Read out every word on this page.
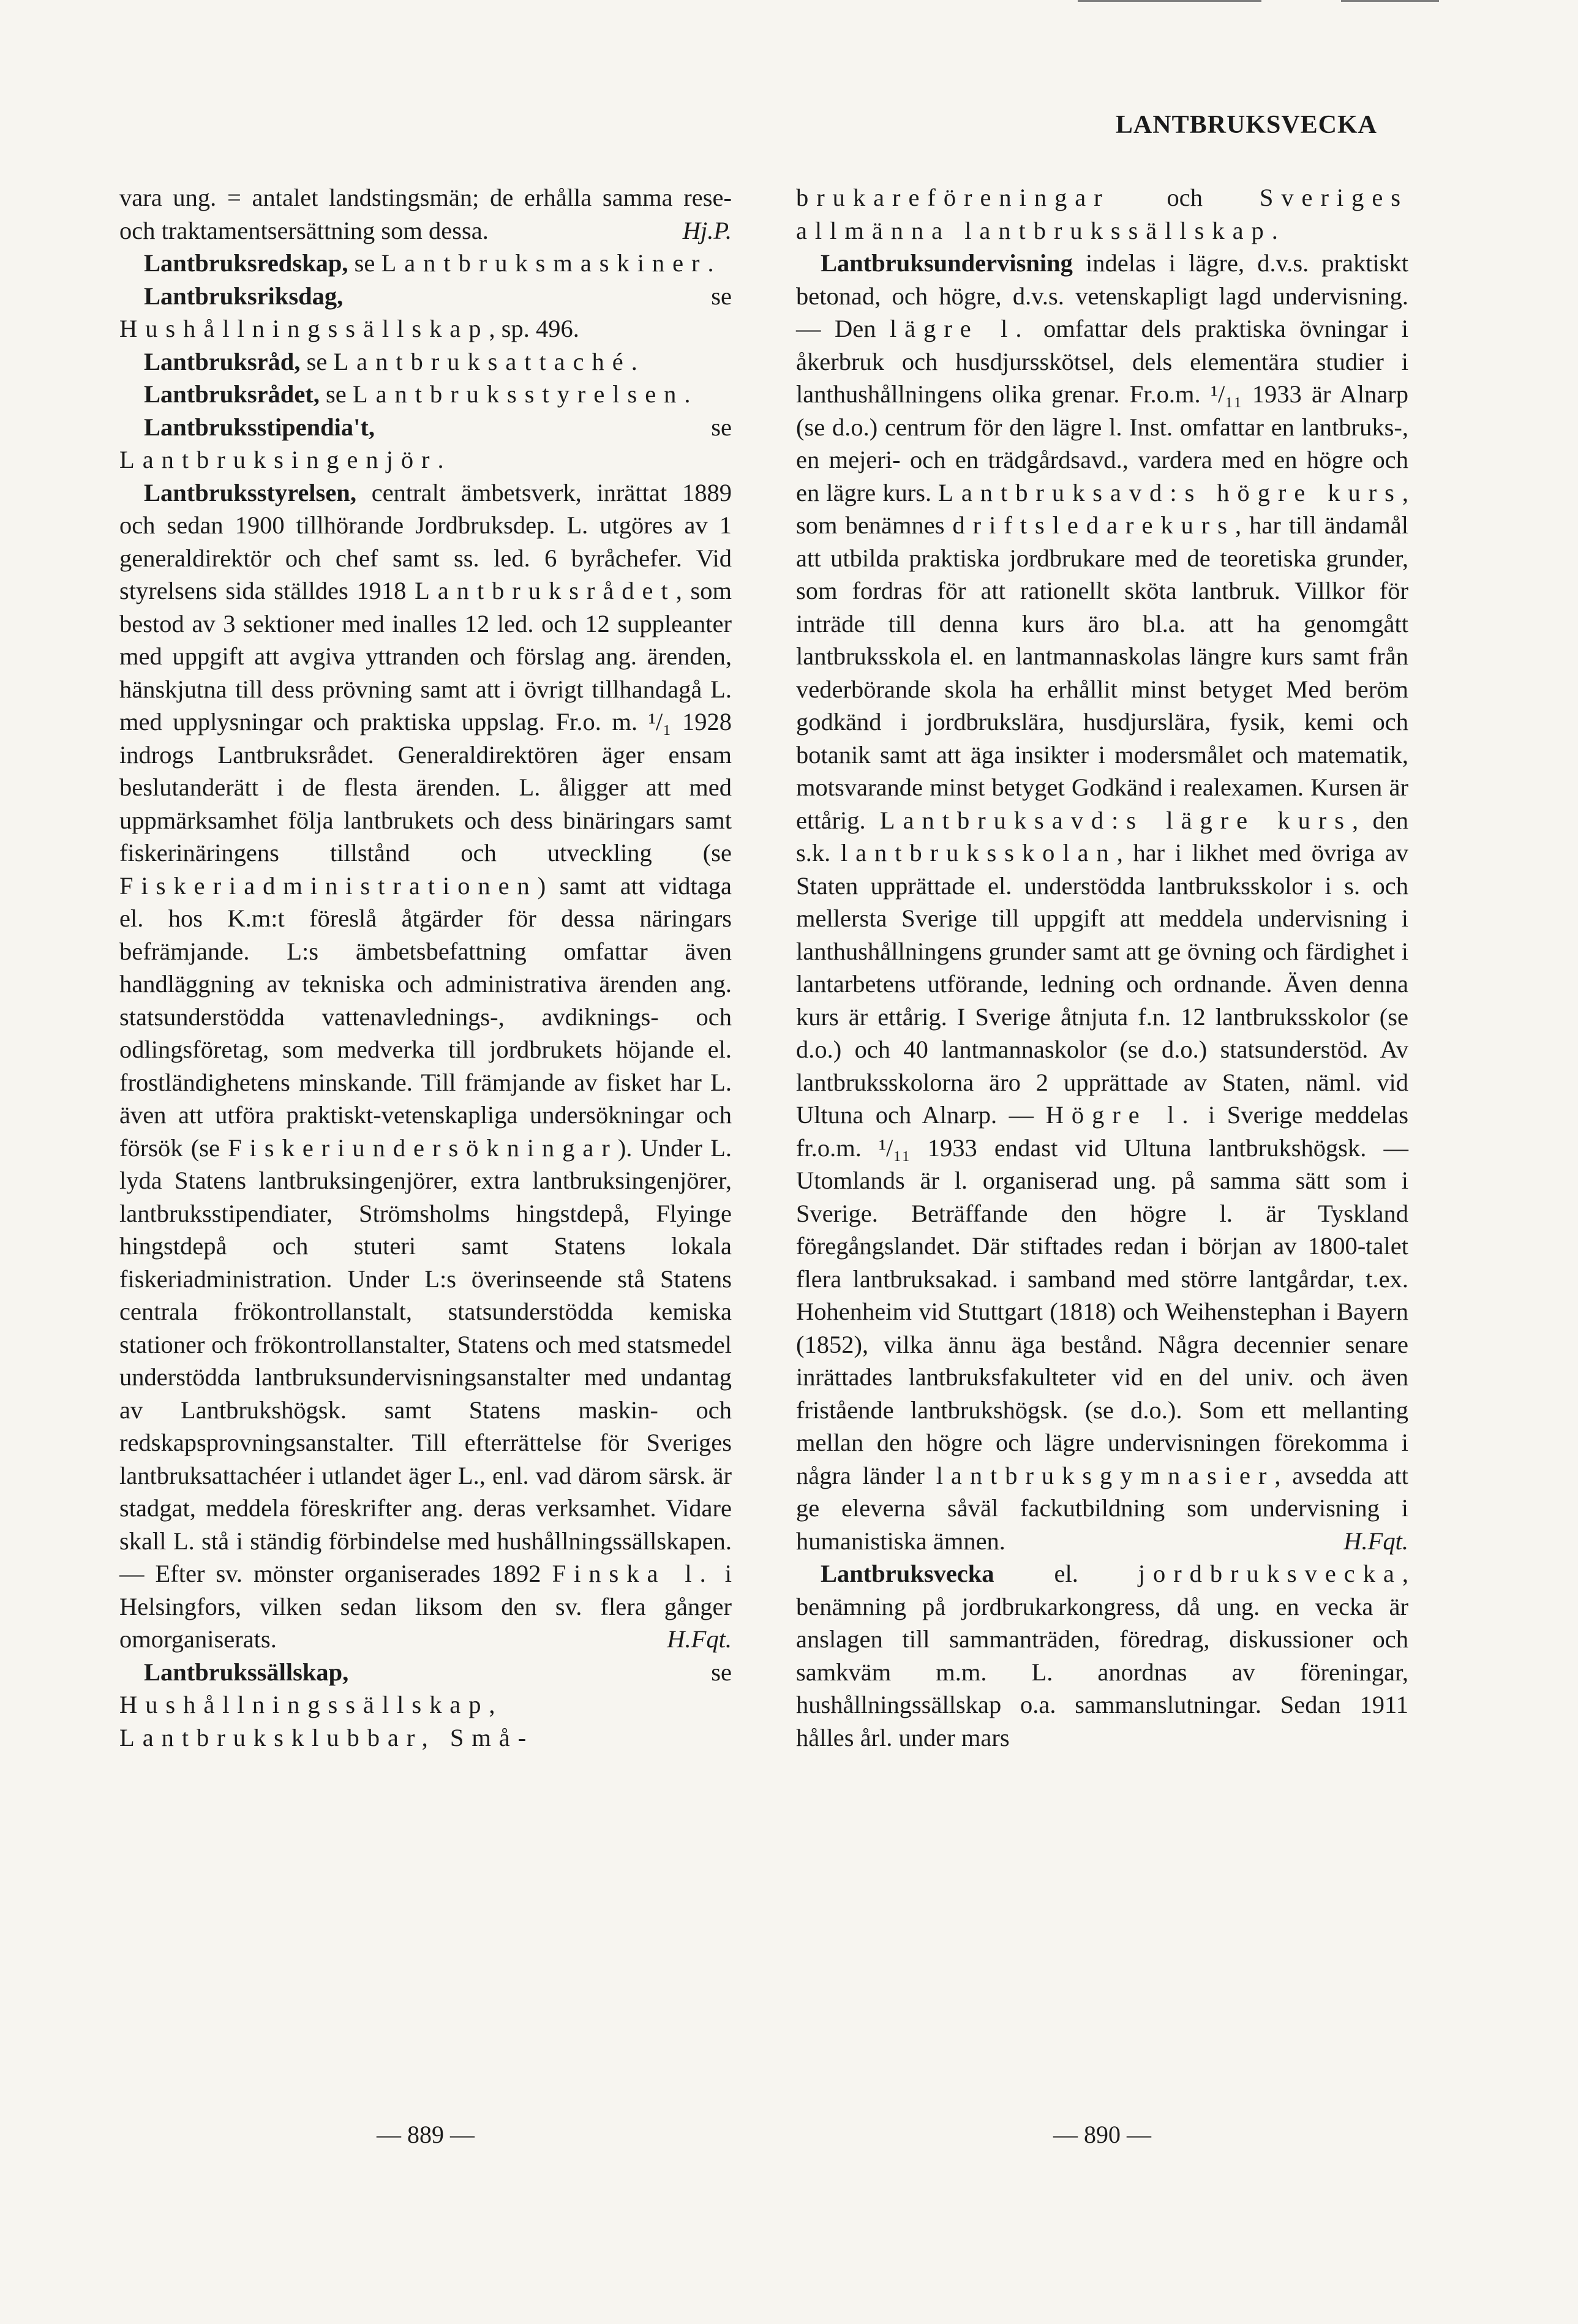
LANTBRUKSVECKA

vara ung. = antalet landstingsmän; de erhålla samma rese- och traktamentsersättning som dessa.	Hj.P.

Lantbruksredskap, se Lantbruksmaskiner.

Lantbruksriksdag, se Hushållningssällskap, sp. 496.

Lantbruksråd, se Lantbruksattaché.

Lantbruksrådet, se Lantbruksstyrelsen.

Lantbruksstipendia't, se Lantbruksingenjör.

Lantbruksstyrelsen, centralt ämbetsverk, inrättat 1889 och sedan 1900 tillhörande Jordbruksdep. L. utgöres av 1 generaldirektör och chef samt ss. led. 6 byråchefer. Vid styrelsens sida ställdes 1918 Lantbruksrådet, som bestod av 3 sektioner med inalles 12 led. och 12 suppleanter med uppgift att avgiva yttranden och förslag ang. ärenden, hänskjutna till dess prövning samt att i övrigt tillhandagå L. med upplysningar och praktiska uppslag. Fr.o. m. ¹/₁ 1928 indrogs Lantbruksrådet. Generaldirektören äger ensam beslutanderätt i de flesta ärenden. L. åligger att med uppmärksamhet följa lantbrukets och dess binäringars samt fiskerinäringens tillstånd och utveckling (se Fiskeriadministrationen) samt att vidtaga el. hos K.m:t föreslå åtgärder för dessa näringars befrämjande. L:s ämbetsbefattning omfattar även handläggning av tekniska och administrativa ärenden ang. statsunderstödda vattenavlednings-, avdiknings- och odlingsföretag, som medverka till jordbrukets höjande el. frostländighetens minskande. Till främjande av fisket har L. även att utföra praktiskt-vetenskapliga undersökningar och försök (se Fiskeriundersökningar). Under L. lyda Statens lantbruksingenjörer, extra lantbruksingenjörer, lantbruksstipendiater, Strömsholms hingstdepå, Flyinge hingstdepå och stuteri samt Statens lokala fiskeriadministration. Under L:s överinseende stå Statens centrala frökontrollanstalt, statsunderstödda kemiska stationer och frökontrollanstalter, Statens och med statsmedel understödda lantbruksundervisningsanstalter med undantag av Lantbrukshögsk. samt Statens maskin- och redskapsprovningsanstalter. Till efterrättelse för Sveriges lantbruksattachéer i utlandet äger L., enl. vad därom särsk. är stadgat, meddela föreskrifter ang. deras verksamhet. Vidare skall L. stå i ständig förbindelse med hushållningssällskapen. — Efter sv. mönster organiserades 1892 Finska l. i Helsingfors, vilken sedan liksom den sv. flera gånger omorganiserats.	H.Fqt.

Lantbrukssällskap, se Hushållningssällskap, Lantbruksklubbar, Små-

brukareföreningar och Sveriges allmänna lantbrukssällskap.

Lantbruksundervisning indelas i lägre, d.v.s. praktiskt betonad, och högre, d.v.s. vetenskapligt lagd undervisning. — Den lägre l. omfattar dels praktiska övningar i åkerbruk och husdjursskötsel, dels elementära studier i lanthushållningens olika grenar. Fr.o.m. ¹/₁₁ 1933 är Alnarp (se d.o.) centrum för den lägre l. Inst. omfattar en lantbruks-, en mejeri- och en trädgårdsavd., vardera med en högre och en lägre kurs. Lantbruksavd:s högre kurs, som benämnes driftsledarekurs, har till ändamål att utbilda praktiska jordbrukare med de teoretiska grunder, som fordras för att rationellt sköta lantbruk. Villkor för inträde till denna kurs äro bl.a. att ha genomgått lantbruksskola el. en lantmannaskolas längre kurs samt från vederbörande skola ha erhållit minst betyget Med beröm godkänd i jordbrukslära, husdjurslära, fysik, kemi och botanik samt att äga insikter i modersmålet och matematik, motsvarande minst betyget Godkänd i realexamen. Kursen är ettårig. Lantbruksavd:s lägre kurs, den s.k. lantbruksskolan, har i likhet med övriga av Staten upprättade el. understödda lantbruksskolor i s. och mellersta Sverige till uppgift att meddela undervisning i lanthushållningens grunder samt att ge övning och färdighet i lantarbetens utförande, ledning och ordnande. Även denna kurs är ettårig. I Sverige åtnjuta f.n. 12 lantbruksskolor (se d.o.) och 40 lantmannaskolor (se d.o.) statsunderstöd. Av lantbruksskolorna äro 2 upprättade av Staten, näml. vid Ultuna och Alnarp. — Högre l. i Sverige meddelas fr.o.m. ¹/₁₁ 1933 endast vid Ultuna lantbrukshögsk. — Utomlands är l. organiserad ung. på samma sätt som i Sverige. Beträffande den högre l. är Tyskland föregångslandet. Där stiftades redan i början av 1800-talet flera lantbruksakad. i samband med större lantgårdar, t.ex. Hohenheim vid Stuttgart (1818) och Weihenstephan i Bayern (1852), vilka ännu äga bestånd. Några decennier senare inrättades lantbruksfakulteter vid en del univ. och även fristående lantbrukshögsk. (se d.o.). Som ett mellanting mellan den högre och lägre undervisningen förekomma i några länder lantbruksgymnasier, avsedda att ge eleverna såväl fackutbildning som undervisning i humanistiska ämnen.	H.Fqt.

Lantbruksvecka el. jordbruksvecka, benämning på jordbrukarkongress, då ung. en vecka är anslagen till sammanträden, föredrag, diskussioner och samkväm m.m. L. anordnas av föreningar, hushållningssällskap o.a. sammanslutningar. Sedan 1911 hålles årl. under mars

— 889 —	— 890 —
